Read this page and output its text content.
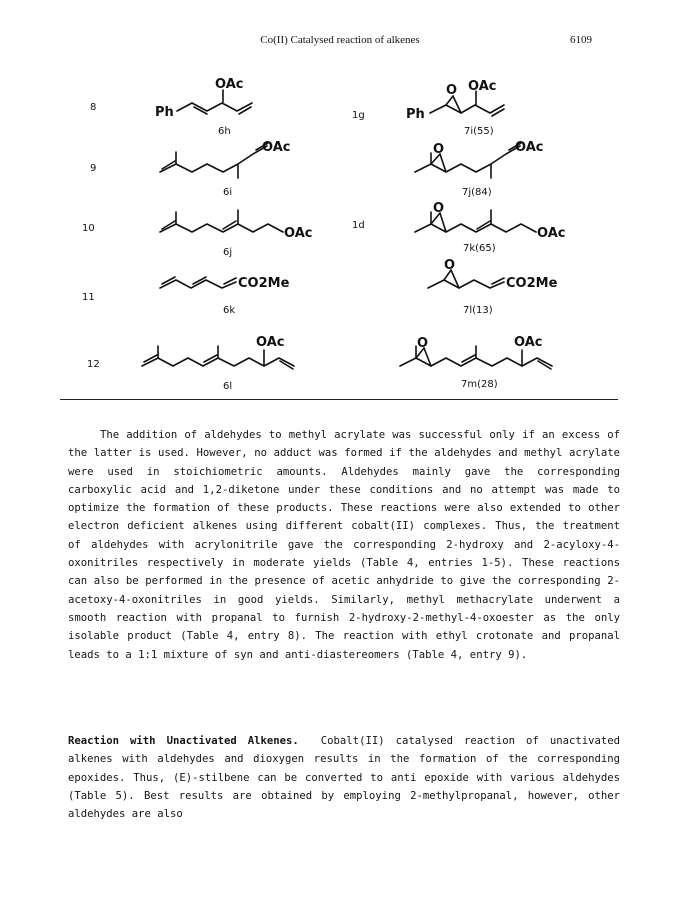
Co(II) Catalysed reaction of alkenes	6109
8
9
10
11
12
1g
1d
Ph
OAc
Ph
OAc
O
OAc	OAc
O
OAc	OAc
O
CO2Me	CO2Me
O
OAc	OAc
O
6h	7i(55)
6i	7j(84)
6j	7k(65)
6k	7l(13)
6l	7m(28)

The addition of aldehydes to methyl acrylate was successful only if an excess of the latter is used. However, no adduct was formed if the aldehydes and methyl acrylate were used in stoichiometric amounts. Aldehydes mainly gave the corresponding carboxylic acid and 1,2-diketone under these conditions and no attempt was made to optimize the formation of these products. These reactions were also extended to other electron deficient alkenes using different cobalt(II) complexes. Thus, the treatment of aldehydes with acrylonitrile gave the corresponding 2-hydroxy and 2-acyloxy-4-oxonitriles respectively in moderate yields (Table 4, entries 1-5). These reactions can also be performed in the presence of acetic anhydride to give the corresponding 2-acetoxy-4-oxonitriles in good yields. Similarly, methyl methacrylate underwent a smooth reaction with propanal to furnish 2-hydroxy-2-methyl-4-oxoester as the only isolable product (Table 4, entry 8). The reaction with ethyl crotonate and propanal leads to a 1:1 mixture of syn and anti-diastereomers (Table 4, entry 9).

Reaction with Unactivated Alkenes. Cobalt(II) catalysed reaction of unactivated alkenes with aldehydes and dioxygen results in the formation of the corresponding epoxides. Thus, (E)-stilbene can be converted to anti epoxide with various aldehydes (Table 5). Best results are obtained by employing 2-methylpropanal, however, other aldehydes are also
